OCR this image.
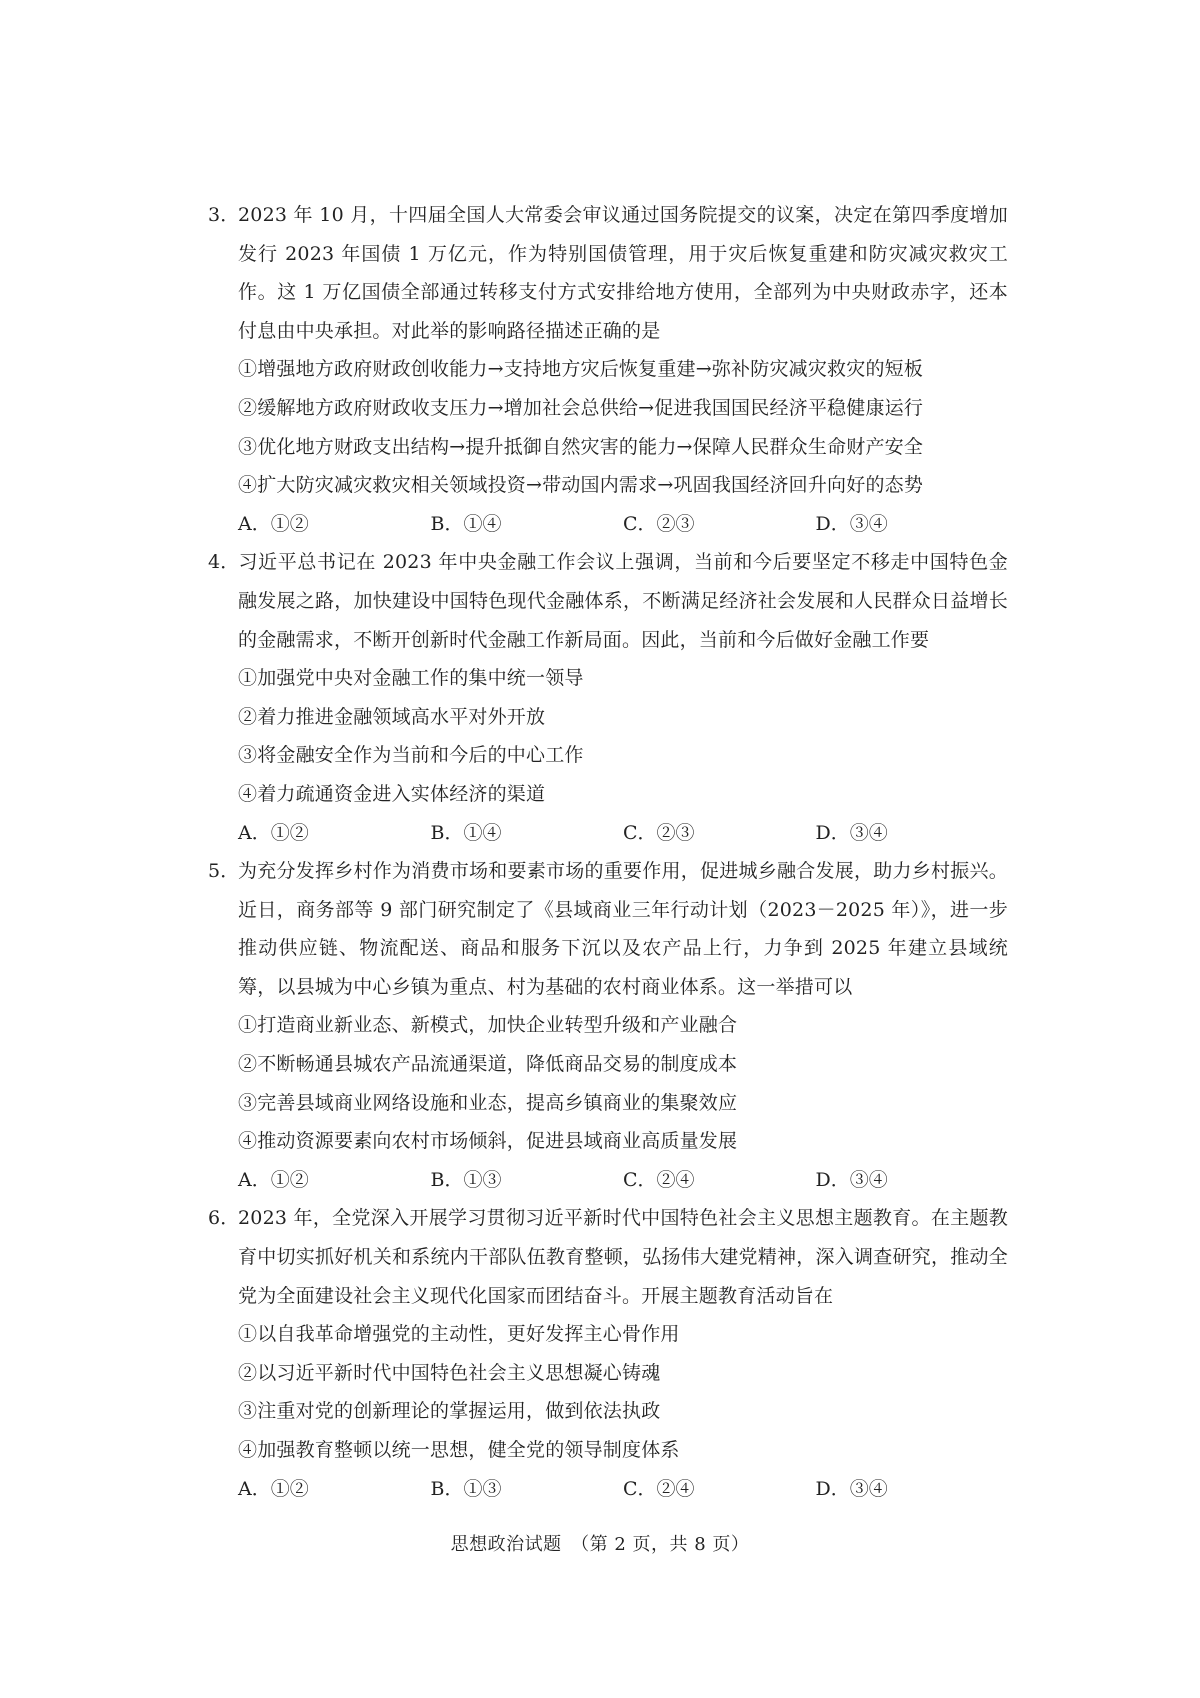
3．2023 年 10 月，十四届全国人大常委会审议通过国务院提交的议案，决定在第四季度增加发行 2023 年国债 1 万亿元，作为特别国债管理，用于灾后恢复重建和防灾减灾救灾工作。这 1 万亿国债全部通过转移支付方式安排给地方使用，全部列为中央财政赤字，还本付息由中央承担。对此举的影响路径描述正确的是

①增强地方政府财政创收能力→支持地方灾后恢复重建→弥补防灾减灾救灾的短板

②缓解地方政府财政收支压力→增加社会总供给→促进我国国民经济平稳健康运行

③优化地方财政支出结构→提升抵御自然灾害的能力→保障人民群众生命财产安全

④扩大防灾减灾救灾相关领域投资→带动国内需求→巩固我国经济回升向好的态势

A．①②	B．①④	C．②③	D．③④

4．习近平总书记在 2023 年中央金融工作会议上强调，当前和今后要坚定不移走中国特色金融发展之路，加快建设中国特色现代金融体系，不断满足经济社会发展和人民群众日益增长的金融需求，不断开创新时代金融工作新局面。因此，当前和今后做好金融工作要

①加强党中央对金融工作的集中统一领导

②着力推进金融领域高水平对外开放

③将金融安全作为当前和今后的中心工作

④着力疏通资金进入实体经济的渠道

A．①②	B．①④	C．②③	D．③④

5．为充分发挥乡村作为消费市场和要素市场的重要作用，促进城乡融合发展，助力乡村振兴。近日，商务部等 9 部门研究制定了《县域商业三年行动计划（2023－2025 年）》，进一步推动供应链、物流配送、商品和服务下沉以及农产品上行，力争到 2025 年建立县域统筹，以县城为中心乡镇为重点、村为基础的农村商业体系。这一举措可以

①打造商业新业态、新模式，加快企业转型升级和产业融合

②不断畅通县城农产品流通渠道，降低商品交易的制度成本

③完善县域商业网络设施和业态，提高乡镇商业的集聚效应

④推动资源要素向农村市场倾斜，促进县域商业高质量发展

A．①②	B．①③	C．②④	D．③④

6．2023 年，全党深入开展学习贯彻习近平新时代中国特色社会主义思想主题教育。在主题教育中切实抓好机关和系统内干部队伍教育整顿，弘扬伟大建党精神，深入调查研究，推动全党为全面建设社会主义现代化国家而团结奋斗。开展主题教育活动旨在

①以自我革命增强党的主动性，更好发挥主心骨作用

②以习近平新时代中国特色社会主义思想凝心铸魂

③注重对党的创新理论的掌握运用，做到依法执政

④加强教育整顿以统一思想，健全党的领导制度体系

A．①②	B．①③	C．②④	D．③④
思想政治试题　（第 2 页，共 8 页）
